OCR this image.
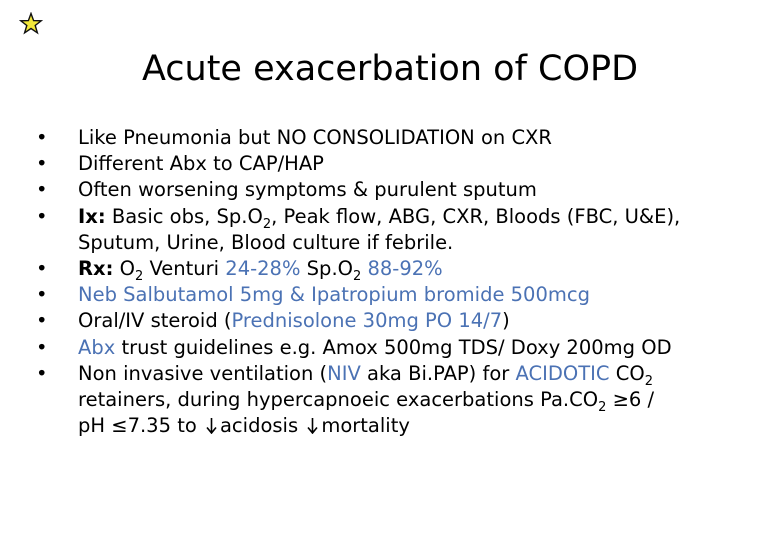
Acute exacerbation of COPD
• Like Pneumonia but NO CONSOLIDATION on CXR
• Different Abx to CAP/HAP
• Often worsening symptoms & purulent sputum
• Ix: Basic obs, $Sp.O_2$, Peak flow, ABG, CXR, Bloods (FBC, U&E),
Sputum, Urine, Blood culture if febrile.
• Rx: $O_2$ Venturi 24-28% $Sp.O_2$ 88-92%
• Neb Salbutamol 5mg & Ipatropium bromide 500mcg
• Oral/IV steroid (Prednisolone 30mg PO 14/7)
• Abx trust guidelines e.g. Amox 500mg TDS/ Doxy 200mg OD
• Non invasive ventilation (NIV aka Bi.PAP) for ACIDOTIC $CO_2$
retainers, during hypercapnoeic exacerbations $Pa.CO_2 \ge 6$ /
pH ≤7.35 to acidosis mortality
